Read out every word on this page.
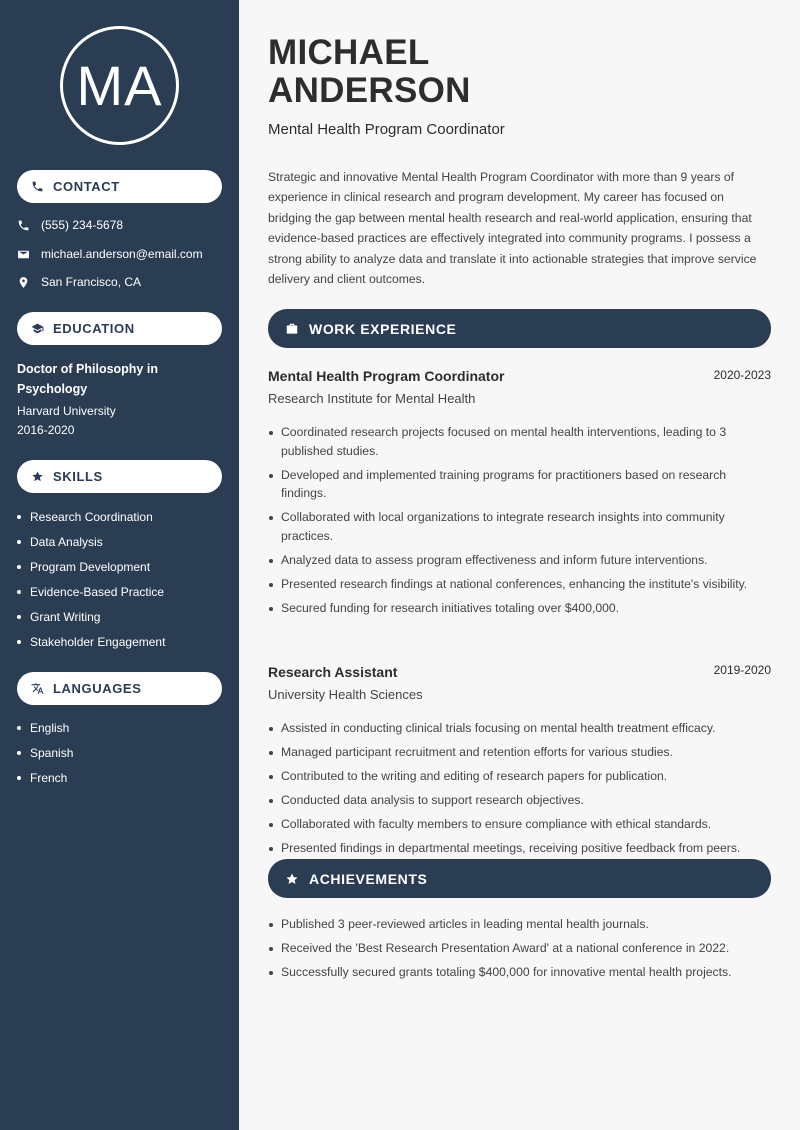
MA
CONTACT
(555) 234-5678
michael.anderson@email.com
San Francisco, CA
EDUCATION
Doctor of Philosophy in Psychology
Harvard University
2016-2020
SKILLS
Research Coordination
Data Analysis
Program Development
Evidence-Based Practice
Grant Writing
Stakeholder Engagement
LANGUAGES
English
Spanish
French
MICHAEL
ANDERSON
Mental Health Program Coordinator

Strategic and innovative Mental Health Program Coordinator with more than 9 years of experience in clinical research and program development. My career has focused on bridging the gap between mental health research and real-world application, ensuring that evidence-based practices are effectively integrated into community programs. I possess a strong ability to analyze data and translate it into actionable strategies that improve service delivery and client outcomes.

WORK EXPERIENCE
Mental Health Program Coordinator	2020-2023
Research Institute for Mental Health
Coordinated research projects focused on mental health interventions, leading to 3 published studies.
Developed and implemented training programs for practitioners based on research findings.
Collaborated with local organizations to integrate research insights into community practices.
Analyzed data to assess program effectiveness and inform future interventions.
Presented research findings at national conferences, enhancing the institute's visibility.
Secured funding for research initiatives totaling over $400,000.
Research Assistant	2019-2020
University Health Sciences
Assisted in conducting clinical trials focusing on mental health treatment efficacy.
Managed participant recruitment and retention efforts for various studies.
Contributed to the writing and editing of research papers for publication.
Conducted data analysis to support research objectives.
Collaborated with faculty members to ensure compliance with ethical standards.
Presented findings in departmental meetings, receiving positive feedback from peers.
ACHIEVEMENTS
Published 3 peer-reviewed articles in leading mental health journals.
Received the 'Best Research Presentation Award' at a national conference in 2022.
Successfully secured grants totaling $400,000 for innovative mental health projects.
